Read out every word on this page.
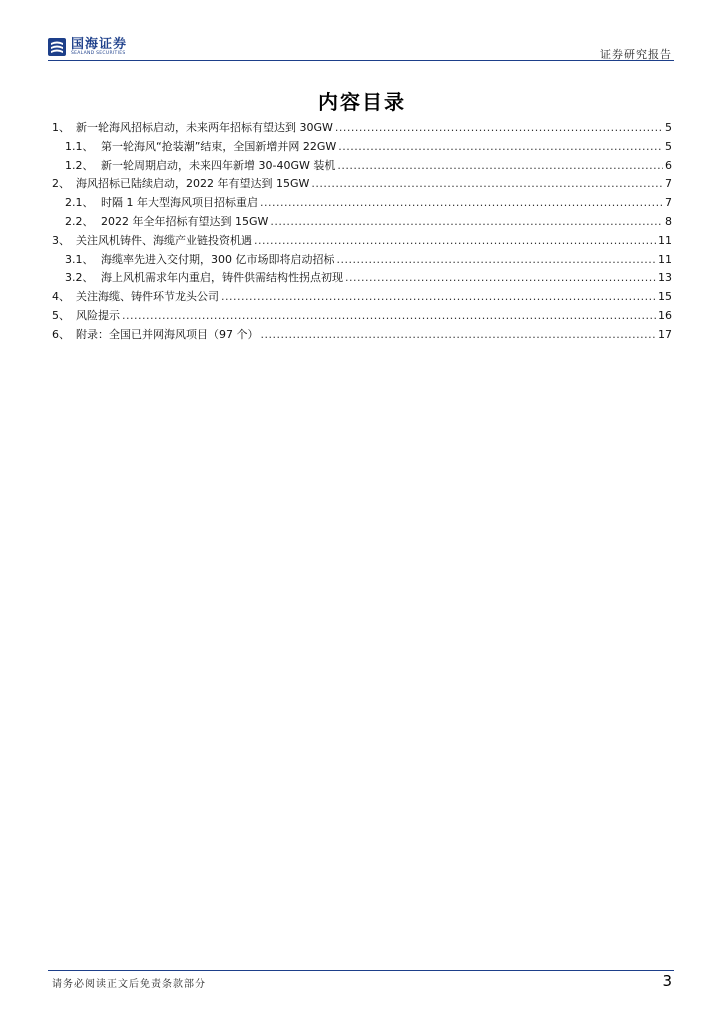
国海证券
SEALAND SECURITIES	证券研究报告
内容目录
1、 新一轮海风招标启动，未来两年招标有望达到 30GW .....	5
1.1、 第一轮海风“抢装潮”结束，全国新增并网 22GW .....	5
1.2、 新一轮周期启动，未来四年新增 30-40GW 装机 .....	6
2、 海风招标已陆续启动，2022 年有望达到 15GW .....	7
2.1、 时隔 1 年大型海风项目招标重启 .....	7
2.2、 2022 年全年招标有望达到 15GW .....	8
3、 关注风机铸件、海缆产业链投资机遇 .....	11
3.1、 海缆率先进入交付期，300 亿市场即将启动招标 .....	11
3.2、 海上风机需求年内重启，铸件供需结构性拐点初现 .....	13
4、 关注海缆、铸件环节龙头公司 .....	15
5、 风险提示 .....	16
6、 附录：全国已并网海风项目（97 个） .....	17
请务必阅读正文后免责条款部分	3
